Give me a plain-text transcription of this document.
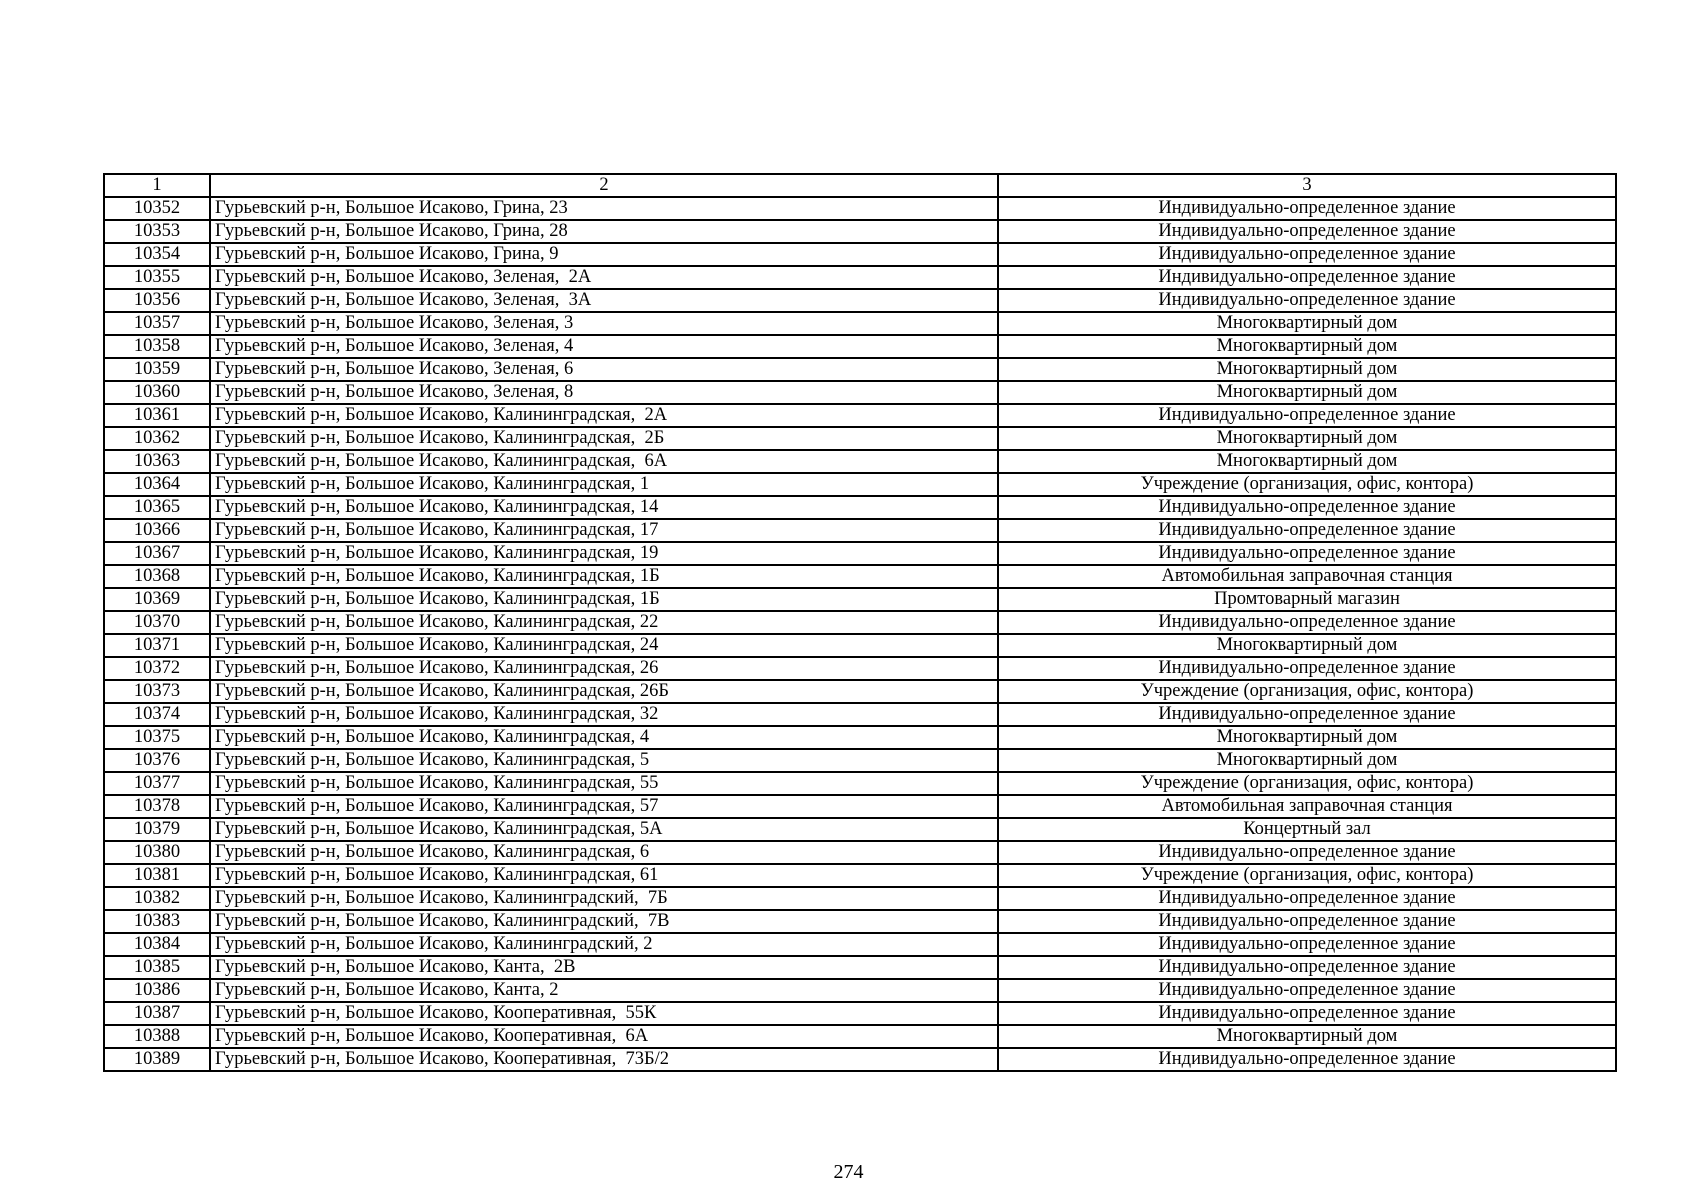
1	2	3
10352	Гурьевский р-н, Большое Исаково, Грина, 23	Индивидуально-определенное здание
10353	Гурьевский р-н, Большое Исаково, Грина, 28	Индивидуально-определенное здание
10354	Гурьевский р-н, Большое Исаково, Грина, 9	Индивидуально-определенное здание
10355	Гурьевский р-н, Большое Исаково, Зеленая,  2А	Индивидуально-определенное здание
10356	Гурьевский р-н, Большое Исаково, Зеленая,  3А	Индивидуально-определенное здание
10357	Гурьевский р-н, Большое Исаково, Зеленая, 3	Многоквартирный дом
10358	Гурьевский р-н, Большое Исаково, Зеленая, 4	Многоквартирный дом
10359	Гурьевский р-н, Большое Исаково, Зеленая, 6	Многоквартирный дом
10360	Гурьевский р-н, Большое Исаково, Зеленая, 8	Многоквартирный дом
10361	Гурьевский р-н, Большое Исаково, Калининградская,  2А	Индивидуально-определенное здание
10362	Гурьевский р-н, Большое Исаково, Калининградская,  2Б	Многоквартирный дом
10363	Гурьевский р-н, Большое Исаково, Калининградская,  6А	Многоквартирный дом
10364	Гурьевский р-н, Большое Исаково, Калининградская, 1	Учреждение (организация, офис, контора)
10365	Гурьевский р-н, Большое Исаково, Калининградская, 14	Индивидуально-определенное здание
10366	Гурьевский р-н, Большое Исаково, Калининградская, 17	Индивидуально-определенное здание
10367	Гурьевский р-н, Большое Исаково, Калининградская, 19	Индивидуально-определенное здание
10368	Гурьевский р-н, Большое Исаково, Калининградская, 1Б	Автомобильная заправочная станция
10369	Гурьевский р-н, Большое Исаково, Калининградская, 1Б	Промтоварный магазин
10370	Гурьевский р-н, Большое Исаково, Калининградская, 22	Индивидуально-определенное здание
10371	Гурьевский р-н, Большое Исаково, Калининградская, 24	Многоквартирный дом
10372	Гурьевский р-н, Большое Исаково, Калининградская, 26	Индивидуально-определенное здание
10373	Гурьевский р-н, Большое Исаково, Калининградская, 26Б	Учреждение (организация, офис, контора)
10374	Гурьевский р-н, Большое Исаково, Калининградская, 32	Индивидуально-определенное здание
10375	Гурьевский р-н, Большое Исаково, Калининградская, 4	Многоквартирный дом
10376	Гурьевский р-н, Большое Исаково, Калининградская, 5	Многоквартирный дом
10377	Гурьевский р-н, Большое Исаково, Калининградская, 55	Учреждение (организация, офис, контора)
10378	Гурьевский р-н, Большое Исаково, Калининградская, 57	Автомобильная заправочная станция
10379	Гурьевский р-н, Большое Исаково, Калининградская, 5А	Концертный зал
10380	Гурьевский р-н, Большое Исаково, Калининградская, 6	Индивидуально-определенное здание
10381	Гурьевский р-н, Большое Исаково, Калининградская, 61	Учреждение (организация, офис, контора)
10382	Гурьевский р-н, Большое Исаково, Калининградский,  7Б	Индивидуально-определенное здание
10383	Гурьевский р-н, Большое Исаково, Калининградский,  7В	Индивидуально-определенное здание
10384	Гурьевский р-н, Большое Исаково, Калининградский, 2	Индивидуально-определенное здание
10385	Гурьевский р-н, Большое Исаково, Канта,  2В	Индивидуально-определенное здание
10386	Гурьевский р-н, Большое Исаково, Канта, 2	Индивидуально-определенное здание
10387	Гурьевский р-н, Большое Исаково, Кооперативная,  55К	Индивидуально-определенное здание
10388	Гурьевский р-н, Большое Исаково, Кооперативная,  6А	Многоквартирный дом
10389	Гурьевский р-н, Большое Исаково, Кооперативная,  73Б/2	Индивидуально-определенное здание
274
